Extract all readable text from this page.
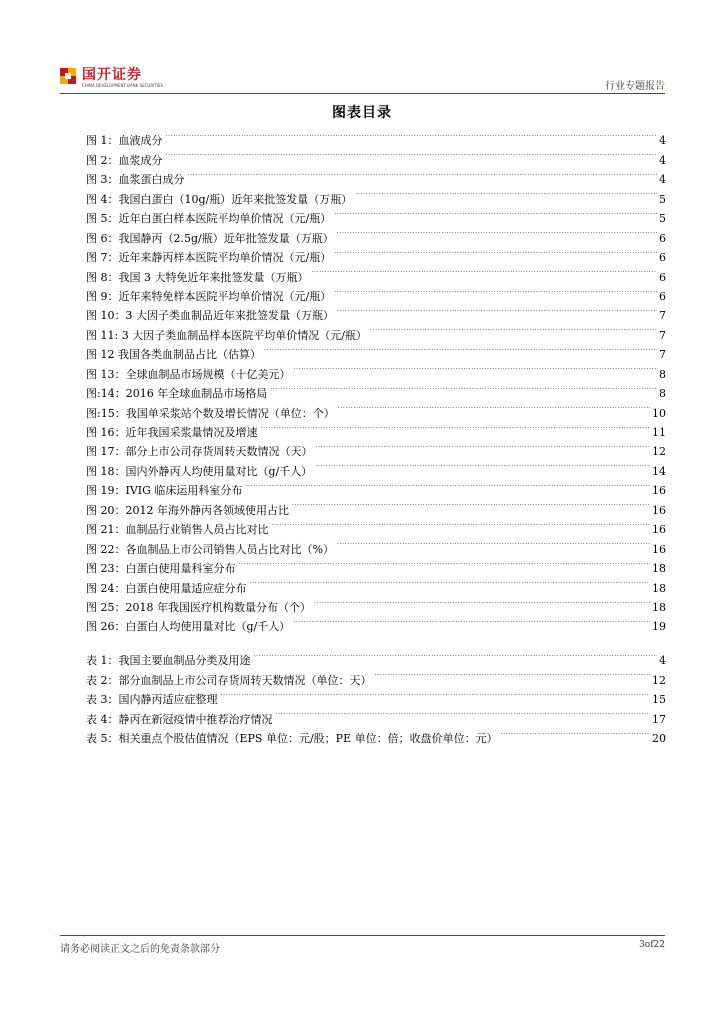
国开证券
CHINA DEVELOPMENT BANK SECURITIES	行业专题报告
图表目录
图 1：血液成分 . . .	4
图 2：血浆成分 . . .	4
图 3：血浆蛋白成分 . . .	4
图 4：我国白蛋白（10g/瓶）近年来批签发量（万瓶） . . .	5
图 5：近年白蛋白样本医院平均单价情况（元/瓶） . . .	5
图 6：我国静丙（2.5g/瓶）近年批签发量（万瓶） . . .	6
图 7：近年来静丙样本医院平均单价情况（元/瓶） . . .	6
图 8：我国 3 大特免近年来批签发量（万瓶） . . .	6
图 9：近年来特免样本医院平均单价情况（元/瓶） . . .	6
图 10：3 大因子类血制品近年来批签发量（万瓶） . . .	7
图 11: 3 大因子类血制品样本医院平均单价情况（元/瓶） . . .	7
图 12 我国各类血制品占比（估算） . . .	7
图 13：全球血制品市场规模（十亿美元） . . .	8
图:14：2016 年全球血制品市场格局 . . .	8
图:15：我国单采浆站个数及增长情况（单位：个） . . .	10
图 16：近年我国采浆量情况及增速 . . .	11
图 17：部分上市公司存货周转天数情况（天） . . .	12
图 18：国内外静丙人均使用量对比（g/千人） . . .	14
图 19：IVIG 临床运用科室分布 . . .	16
图 20：2012 年海外静丙各领域使用占比 . . .	16
图 21：血制品行业销售人员占比对比 . . .	16
图 22：各血制品上市公司销售人员占比对比（%） . . .	16
图 23：白蛋白使用量科室分布 . . .	18
图 24：白蛋白使用量适应症分布 . . .	18
图 25：2018 年我国医疗机构数量分布（个） . . .	18
图 26：白蛋白人均使用量对比（g/千人） . . .	19
表 1：我国主要血制品分类及用途 . . .	4
表 2：部分血制品上市公司存货周转天数情况（单位：天） . . .	12
表 3：国内静丙适应症整理 . . .	15
表 4：静丙在新冠疫情中推荐治疗情况 . . .	17
表 5：相关重点个股估值情况（EPS 单位：元/股；PE 单位：倍；收盘价单位：元） . . .	20
请务必阅读正文之后的免责条款部分	3of22
